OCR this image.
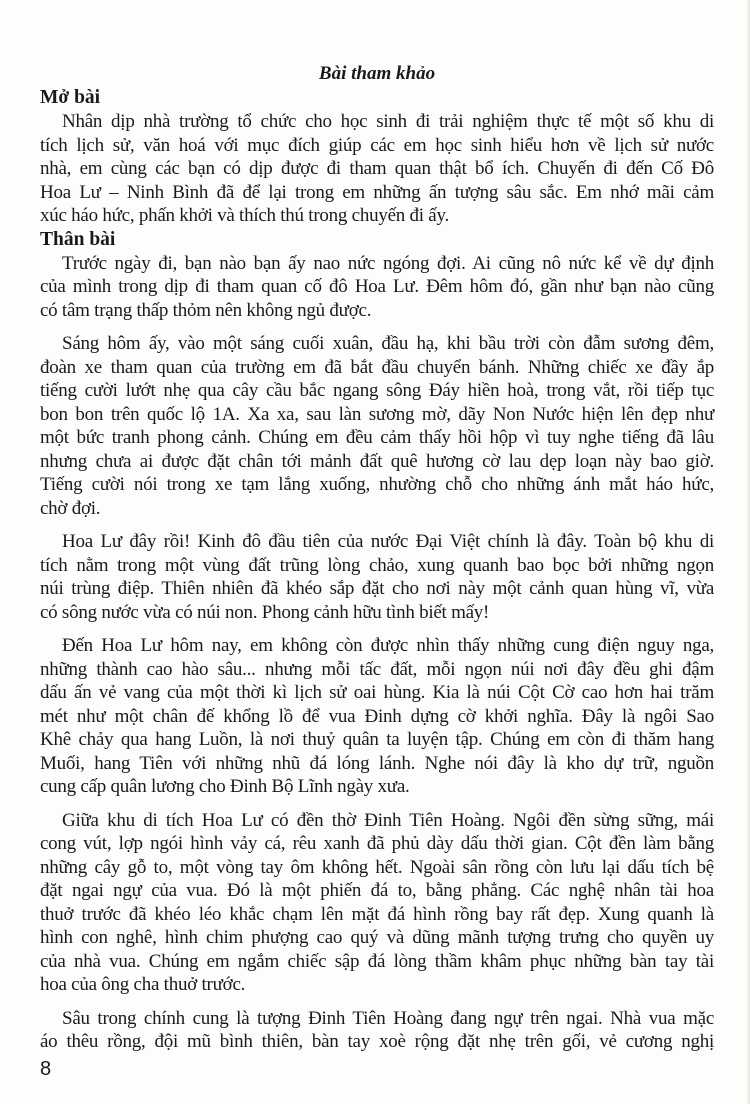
Bài tham khảo
Mở bài
Nhân dịp nhà trường tổ chức cho học sinh đi trải nghiệm thực tế một số khu di
tích lịch sử, văn hoá với mục đích giúp các em học sinh hiểu hơn về lịch sử nước
nhà, em cùng các bạn có dịp được đi tham quan thật bổ ích. Chuyến đi đến Cố Đô
Hoa Lư – Ninh Bình đã để lại trong em những ấn tượng sâu sắc. Em nhớ mãi cảm
xúc háo hức, phấn khởi và thích thú trong chuyến đi ấy.
Thân bài
Trước ngày đi, bạn nào bạn ấy nao nức ngóng đợi. Ai cũng nô nức kể về dự định
của mình trong dịp đi tham quan cố đô Hoa Lư. Đêm hôm đó, gần như bạn nào cũng
có tâm trạng thấp thỏm nên không ngủ được.
Sáng hôm ấy, vào một sáng cuối xuân, đầu hạ, khi bầu trời còn đẫm sương đêm,
đoàn xe tham quan của trường em đã bắt đầu chuyển bánh. Những chiếc xe đầy ắp
tiếng cười lướt nhẹ qua cây cầu bắc ngang sông Đáy hiền hoà, trong vắt, rồi tiếp tục
bon bon trên quốc lộ 1A. Xa xa, sau làn sương mờ, dãy Non Nước hiện lên đẹp như
một bức tranh phong cảnh. Chúng em đều cảm thấy hồi hộp vì tuy nghe tiếng đã lâu
nhưng chưa ai được đặt chân tới mảnh đất quê hương cờ lau dẹp loạn này bao giờ.
Tiếng cười nói trong xe tạm lắng xuống, nhường chỗ cho những ánh mắt háo hức,
chờ đợi.
Hoa Lư đây rồi! Kinh đô đầu tiên của nước Đại Việt chính là đây. Toàn bộ khu di
tích nằm trong một vùng đất trũng lòng chảo, xung quanh bao bọc bởi những ngọn
núi trùng điệp. Thiên nhiên đã khéo sắp đặt cho nơi này một cảnh quan hùng vĩ, vừa
có sông nước vừa có núi non. Phong cảnh hữu tình biết mấy!
Đến Hoa Lư hôm nay, em không còn được nhìn thấy những cung điện nguy nga,
những thành cao hào sâu... nhưng mỗi tấc đất, mỗi ngọn núi nơi đây đều ghi đậm
dấu ấn vẻ vang của một thời kì lịch sử oai hùng. Kia là núi Cột Cờ cao hơn hai trăm
mét như một chân đế khổng lồ để vua Đinh dựng cờ khởi nghĩa. Đây là ngôi Sao
Khê chảy qua hang Luồn, là nơi thuỷ quân ta luyện tập. Chúng em còn đi thăm hang
Muối, hang Tiên với những nhũ đá lóng lánh. Nghe nói đây là kho dự trữ, nguồn
cung cấp quân lương cho Đinh Bộ Lĩnh ngày xưa.
Giữa khu di tích Hoa Lư có đền thờ Đinh Tiên Hoàng. Ngôi đền sừng sững, mái
cong vút, lợp ngói hình vảy cá, rêu xanh đã phủ dày dấu thời gian. Cột đền làm bằng
những cây gỗ to, một vòng tay ôm không hết. Ngoài sân rồng còn lưu lại dấu tích bệ
đặt ngai ngự của vua. Đó là một phiến đá to, bằng phẳng. Các nghệ nhân tài hoa
thuở trước đã khéo léo khắc chạm lên mặt đá hình rồng bay rất đẹp. Xung quanh là
hình con nghê, hình chim phượng cao quý và dũng mãnh tượng trưng cho quyền uy
của nhà vua. Chúng em ngắm chiếc sập đá lòng thầm khâm phục những bàn tay tài
hoa của ông cha thuở trước.
Sâu trong chính cung là tượng Đinh Tiên Hoàng đang ngự trên ngai. Nhà vua mặc
áo thêu rồng, đội mũ bình thiên, bàn tay xoè rộng đặt nhẹ trên gối, vẻ cương nghị
8
